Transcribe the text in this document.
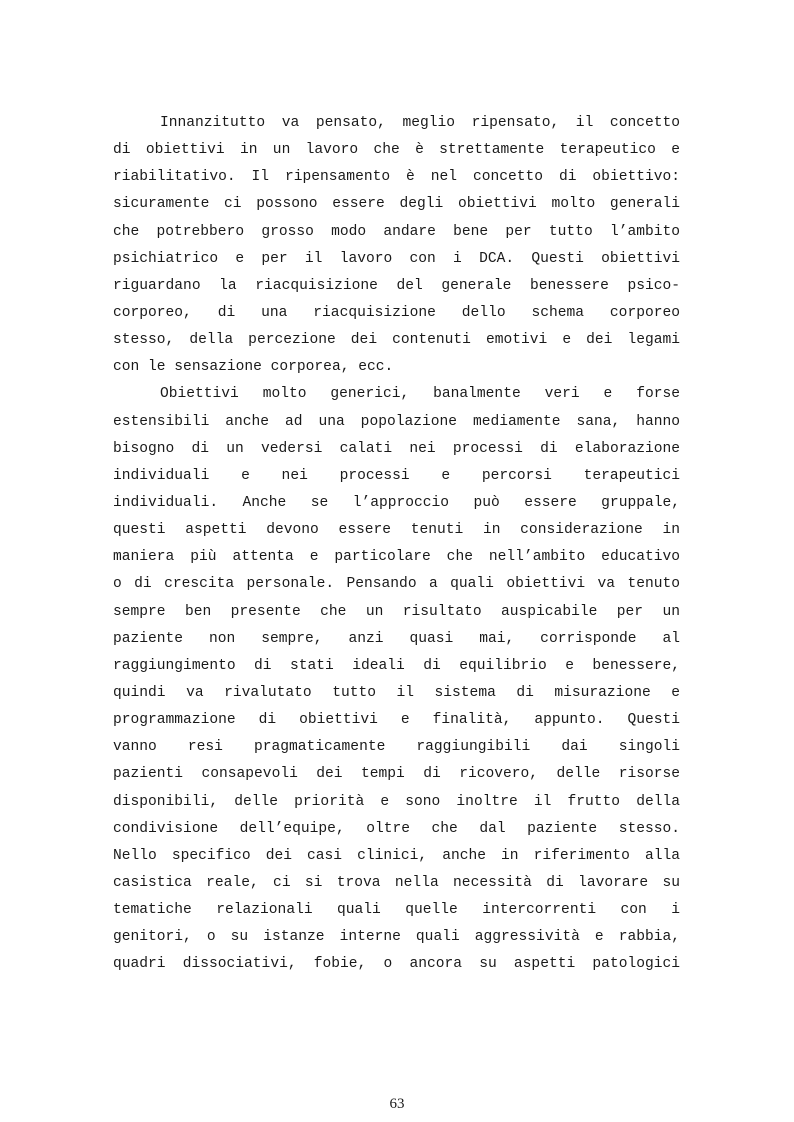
Innanzitutto va pensato, meglio ripensato, il concetto
di obiettivi in un lavoro che è strettamente terapeutico e
riabilitativo. Il ripensamento è nel concetto di obiettivo:
sicuramente ci possono essere degli obiettivi molto generali
che potrebbero grosso modo andare bene per tutto l’ambito
psichiatrico e per il lavoro con i DCA. Questi obiettivi
riguardano la riacquisizione del generale benessere psico-
corporeo, di una riacquisizione dello schema corporeo
stesso, della percezione dei contenuti emotivi e dei legami
con le sensazione corporea, ecc.
Obiettivi molto generici, banalmente veri e forse
estensibili anche ad una popolazione mediamente sana, hanno
bisogno di un vedersi calati nei processi di elaborazione
individuali e nei processi e percorsi terapeutici
individuali. Anche se l’approccio può essere gruppale,
questi aspetti devono essere tenuti in considerazione in
maniera più attenta e particolare che nell’ambito educativo
o di crescita personale. Pensando a quali obiettivi va tenuto
sempre ben presente che un risultato auspicabile per un
paziente non sempre, anzi quasi mai, corrisponde al
raggiungimento di stati ideali di equilibrio e benessere,
quindi va rivalutato tutto il sistema di misurazione e
programmazione di obiettivi e finalità, appunto. Questi
vanno resi pragmaticamente raggiungibili dai singoli
pazienti consapevoli dei tempi di ricovero, delle risorse
disponibili, delle priorità e sono inoltre il frutto della
condivisione dell’equipe, oltre che dal paziente stesso.
Nello specifico dei casi clinici, anche in riferimento alla
casistica reale, ci si trova nella necessità di lavorare su
tematiche relazionali quali quelle intercorrenti con i
genitori, o su istanze interne quali aggressività e rabbia,
quadri dissociativi, fobie, o ancora su aspetti patologici
63
